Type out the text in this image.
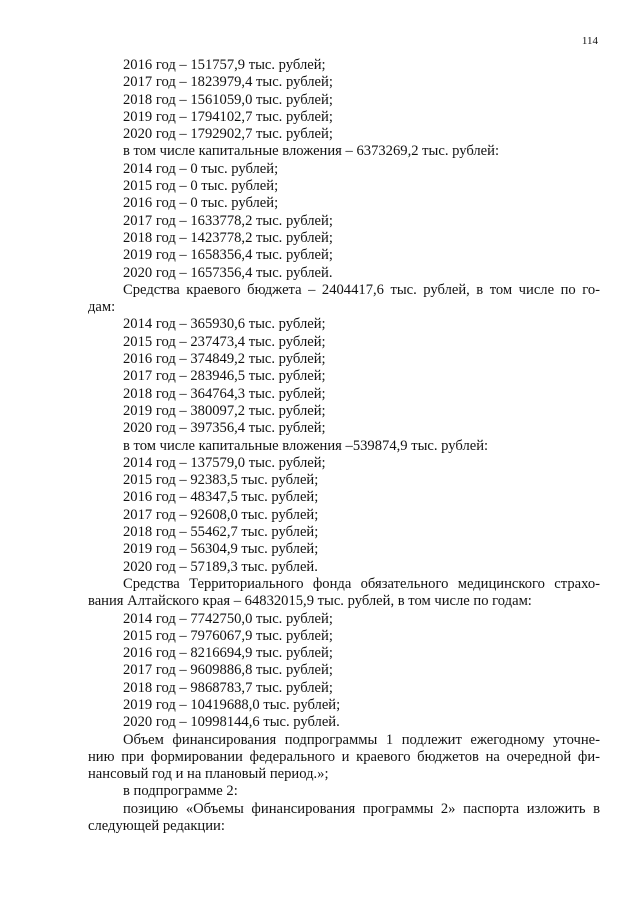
114
2016 год – 151757,9 тыс. рублей;
2017 год – 1823979,4 тыс. рублей;
2018 год – 1561059,0 тыс. рублей;
2019 год – 1794102,7 тыс. рублей;
2020 год – 1792902,7 тыс. рублей;
в том числе капитальные вложения – 6373269,2 тыс. рублей:
2014 год – 0 тыс. рублей;
2015 год – 0 тыс. рублей;
2016 год – 0 тыс. рублей;
2017 год – 1633778,2 тыс. рублей;
2018 год – 1423778,2 тыс. рублей;
2019 год – 1658356,4 тыс. рублей;
2020 год – 1657356,4 тыс. рублей.
Средства краевого бюджета – 2404417,6 тыс. рублей, в том числе по го-
дам:
2014 год – 365930,6 тыс. рублей;
2015 год – 237473,4 тыс. рублей;
2016 год – 374849,2 тыс. рублей;
2017 год – 283946,5 тыс. рублей;
2018 год – 364764,3 тыс. рублей;
2019 год – 380097,2 тыс. рублей;
2020 год – 397356,4 тыс. рублей;
в том числе капитальные вложения –539874,9 тыс. рублей:
2014 год – 137579,0 тыс. рублей;
2015 год – 92383,5 тыс. рублей;
2016 год – 48347,5 тыс. рублей;
2017 год – 92608,0 тыс. рублей;
2018 год – 55462,7 тыс. рублей;
2019 год – 56304,9 тыс. рублей;
2020 год – 57189,3 тыс. рублей.
Средства Территориального фонда обязательного медицинского страхо-
вания Алтайского края – 64832015,9 тыс. рублей, в том числе по годам:
2014 год – 7742750,0 тыс. рублей;
2015 год – 7976067,9 тыс. рублей;
2016 год – 8216694,9 тыс. рублей;
2017 год – 9609886,8 тыс. рублей;
2018 год – 9868783,7 тыс. рублей;
2019 год – 10419688,0 тыс. рублей;
2020 год – 10998144,6 тыс. рублей.
Объем финансирования подпрограммы 1 подлежит ежегодному уточне-
нию при формировании федерального и краевого бюджетов на очередной фи-
нансовый год и на плановый период.»;
в подпрограмме 2:
позицию «Объемы финансирования программы 2» паспорта изложить в
следующей редакции:
